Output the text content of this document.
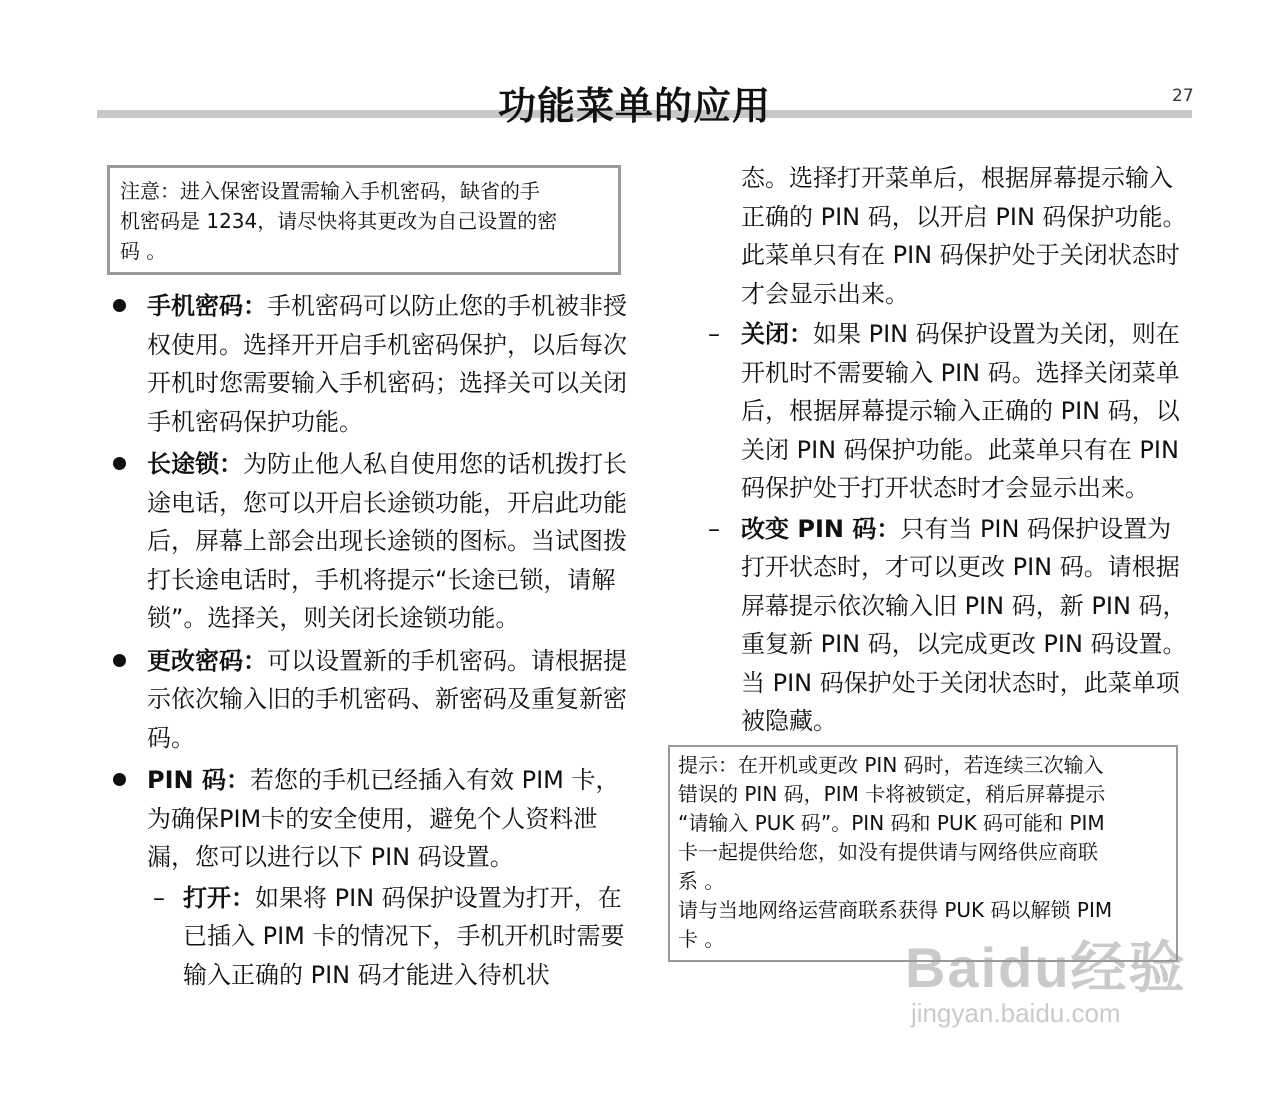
27
功能菜单的应用

注意：进入保密设置需输入手机密码，缺省的手

机密码是 1234，请尽快将其更改为自己设置的密

码 。

手机密码：手机密码可以防止您的手机被非授权使用。选择开开启手机密码保护，以后每次开机时您需要输入手机密码；选择关可以关闭手机密码保护功能。
长途锁：为防止他人私自使用您的话机拨打长途电话，您可以开启长途锁功能，开启此功能后，屏幕上部会出现长途锁的图标。当试图拨打长途电话时，手机将提示“长途已锁，请解锁”。选择关，则关闭长途锁功能。
更改密码：可以设置新的手机密码。请根据提示依次输入旧的手机密码、新密码及重复新密码。
PIN 码：若您的手机已经插入有效 PIM 卡，为确保PIM卡的安全使用，避免个人资料泄漏，您可以进行以下 PIN 码设置。
– 打开：如果将 PIN 码保护设置为打开，在已插入 PIM 卡的情况下，手机开机时需要输入正确的 PIN 码才能进入待机状
态。选择打开菜单后，根据屏幕提示输入正确的 PIN 码，以开启 PIN 码保护功能。此菜单只有在 PIN 码保护处于关闭状态时才会显示出来。
– 关闭：如果 PIN 码保护设置为关闭，则在开机时不需要输入 PIN 码。选择关闭菜单后，根据屏幕提示输入正确的 PIN 码，以关闭 PIN 码保护功能。此菜单只有在 PIN 码保护处于打开状态时才会显示出来。
– 改变 PIN 码：只有当 PIN 码保护设置为打开状态时，才可以更改 PIN 码。请根据屏幕提示依次输入旧 PIN 码，新 PIN 码，重复新 PIN 码，以完成更改 PIN 码设置。当 PIN 码保护处于关闭状态时，此菜单项被隐藏。

提示：在开机或更改 PIN 码时，若连续三次输入

错误的 PIN 码，PIM 卡将被锁定，稍后屏幕提示

“请输入 PUK 码”。PIN 码和 PUK 码可能和 PIM

卡一起提供给您，如没有提供请与网络供应商联

系 。

请与当地网络运营商联系获得 PUK 码以解锁 PIM

卡 。	Baidu经验
jingyan.baidu.com
